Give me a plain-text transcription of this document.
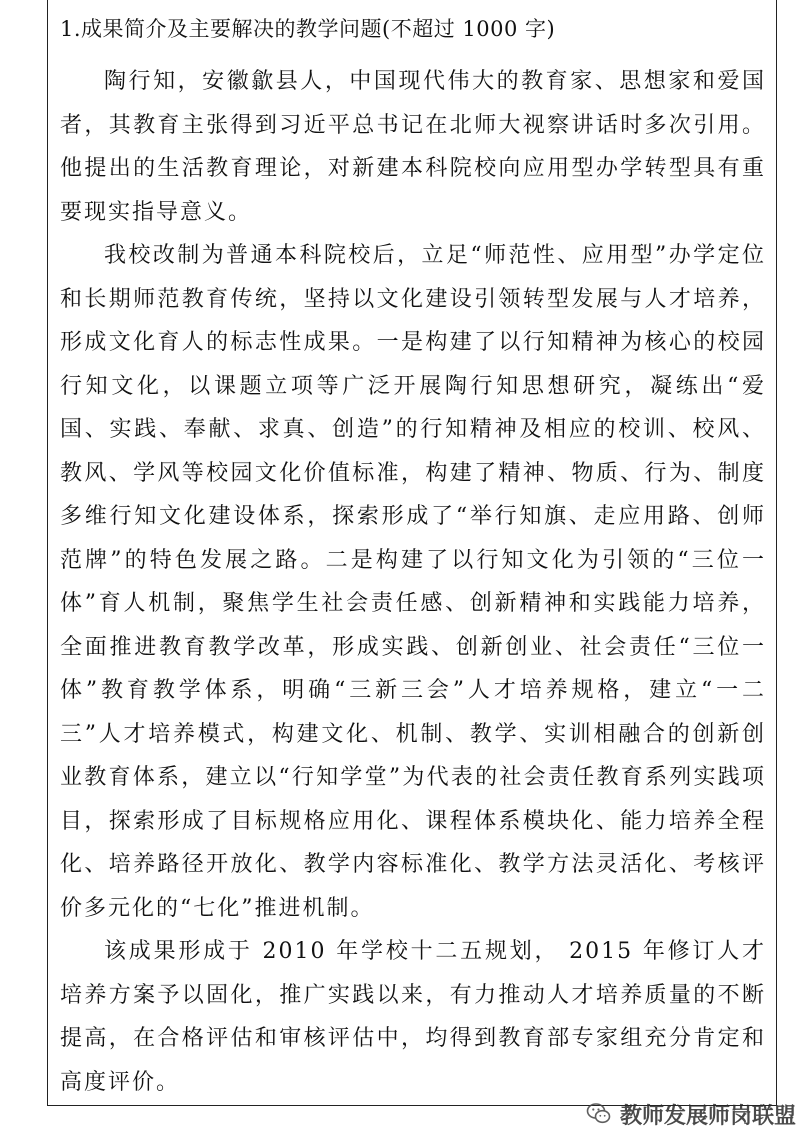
1.成果简介及主要解决的教学问题(不超过 1000 字)

陶行知，安徽歙县人，中国现代伟大的教育家、思想家和爱国者，其教育主张得到习近平总书记在北师大视察讲话时多次引用。他提出的生活教育理论，对新建本科院校向应用型办学转型具有重要现实指导意义。

我校改制为普通本科院校后，立足“师范性、应用型”办学定位和长期师范教育传统，坚持以文化建设引领转型发展与人才培养，形成文化育人的标志性成果。一是构建了以行知精神为核心的校园行知文化，以课题立项等广泛开展陶行知思想研究，凝练出“爱国、实践、奉献、求真、创造”的行知精神及相应的校训、校风、教风、学风等校园文化价值标准，构建了精神、物质、行为、制度多维行知文化建设体系，探索形成了“举行知旗、走应用路、创师范牌”的特色发展之路。二是构建了以行知文化为引领的“三位一体”育人机制，聚焦学生社会责任感、创新精神和实践能力培养，全面推进教育教学改革，形成实践、创新创业、社会责任“三位一体”教育教学体系，明确“三新三会”人才培养规格，建立“一二三”人才培养模式，构建文化、机制、教学、实训相融合的创新创业教育体系，建立以“行知学堂”为代表的社会责任教育系列实践项目，探索形成了目标规格应用化、课程体系模块化、能力培养全程化、培养路径开放化、教学内容标准化、教学方法灵活化、考核评价多元化的“七化”推进机制。

该成果形成于 2010 年学校十二五规划， 2015 年修订人才培养方案予以固化，推广实践以来，有力推动人才培养质量的不断提高，在合格评估和审核评估中，均得到教育部专家组充分肯定和高度评价。

教师发展师岗联盟
